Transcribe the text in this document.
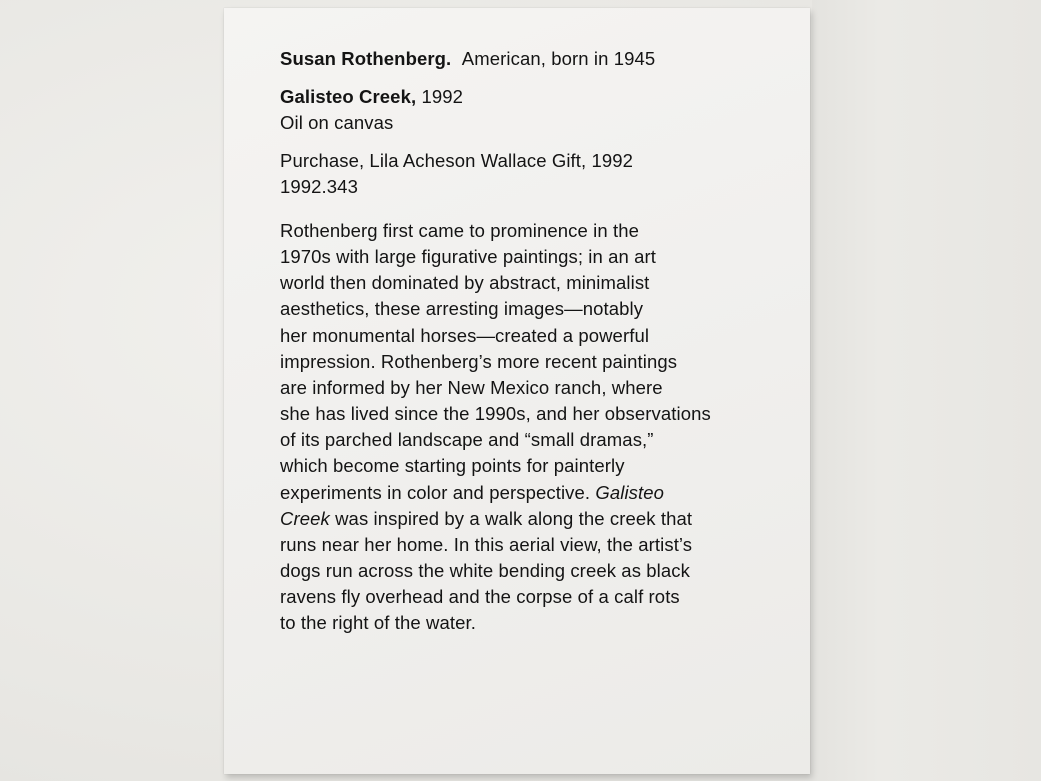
Susan Rothenberg. American, born in 1945
Galisteo Creek, 1992
Oil on canvas
Purchase, Lila Acheson Wallace Gift, 1992
1992.343
Rothenberg first came to prominence in the
1970s with large figurative paintings; in an art
world then dominated by abstract, minimalist
aesthetics, these arresting images—notably
her monumental horses—created a powerful
impression. Rothenberg’s more recent paintings
are informed by her New Mexico ranch, where
she has lived since the 1990s, and her observations
of its parched landscape and “small dramas,”
which become starting points for painterly
experiments in color and perspective. Galisteo
Creek was inspired by a walk along the creek that
runs near her home. In this aerial view, the artist’s
dogs run across the white bending creek as black
ravens fly overhead and the corpse of a calf rots
to the right of the water.
